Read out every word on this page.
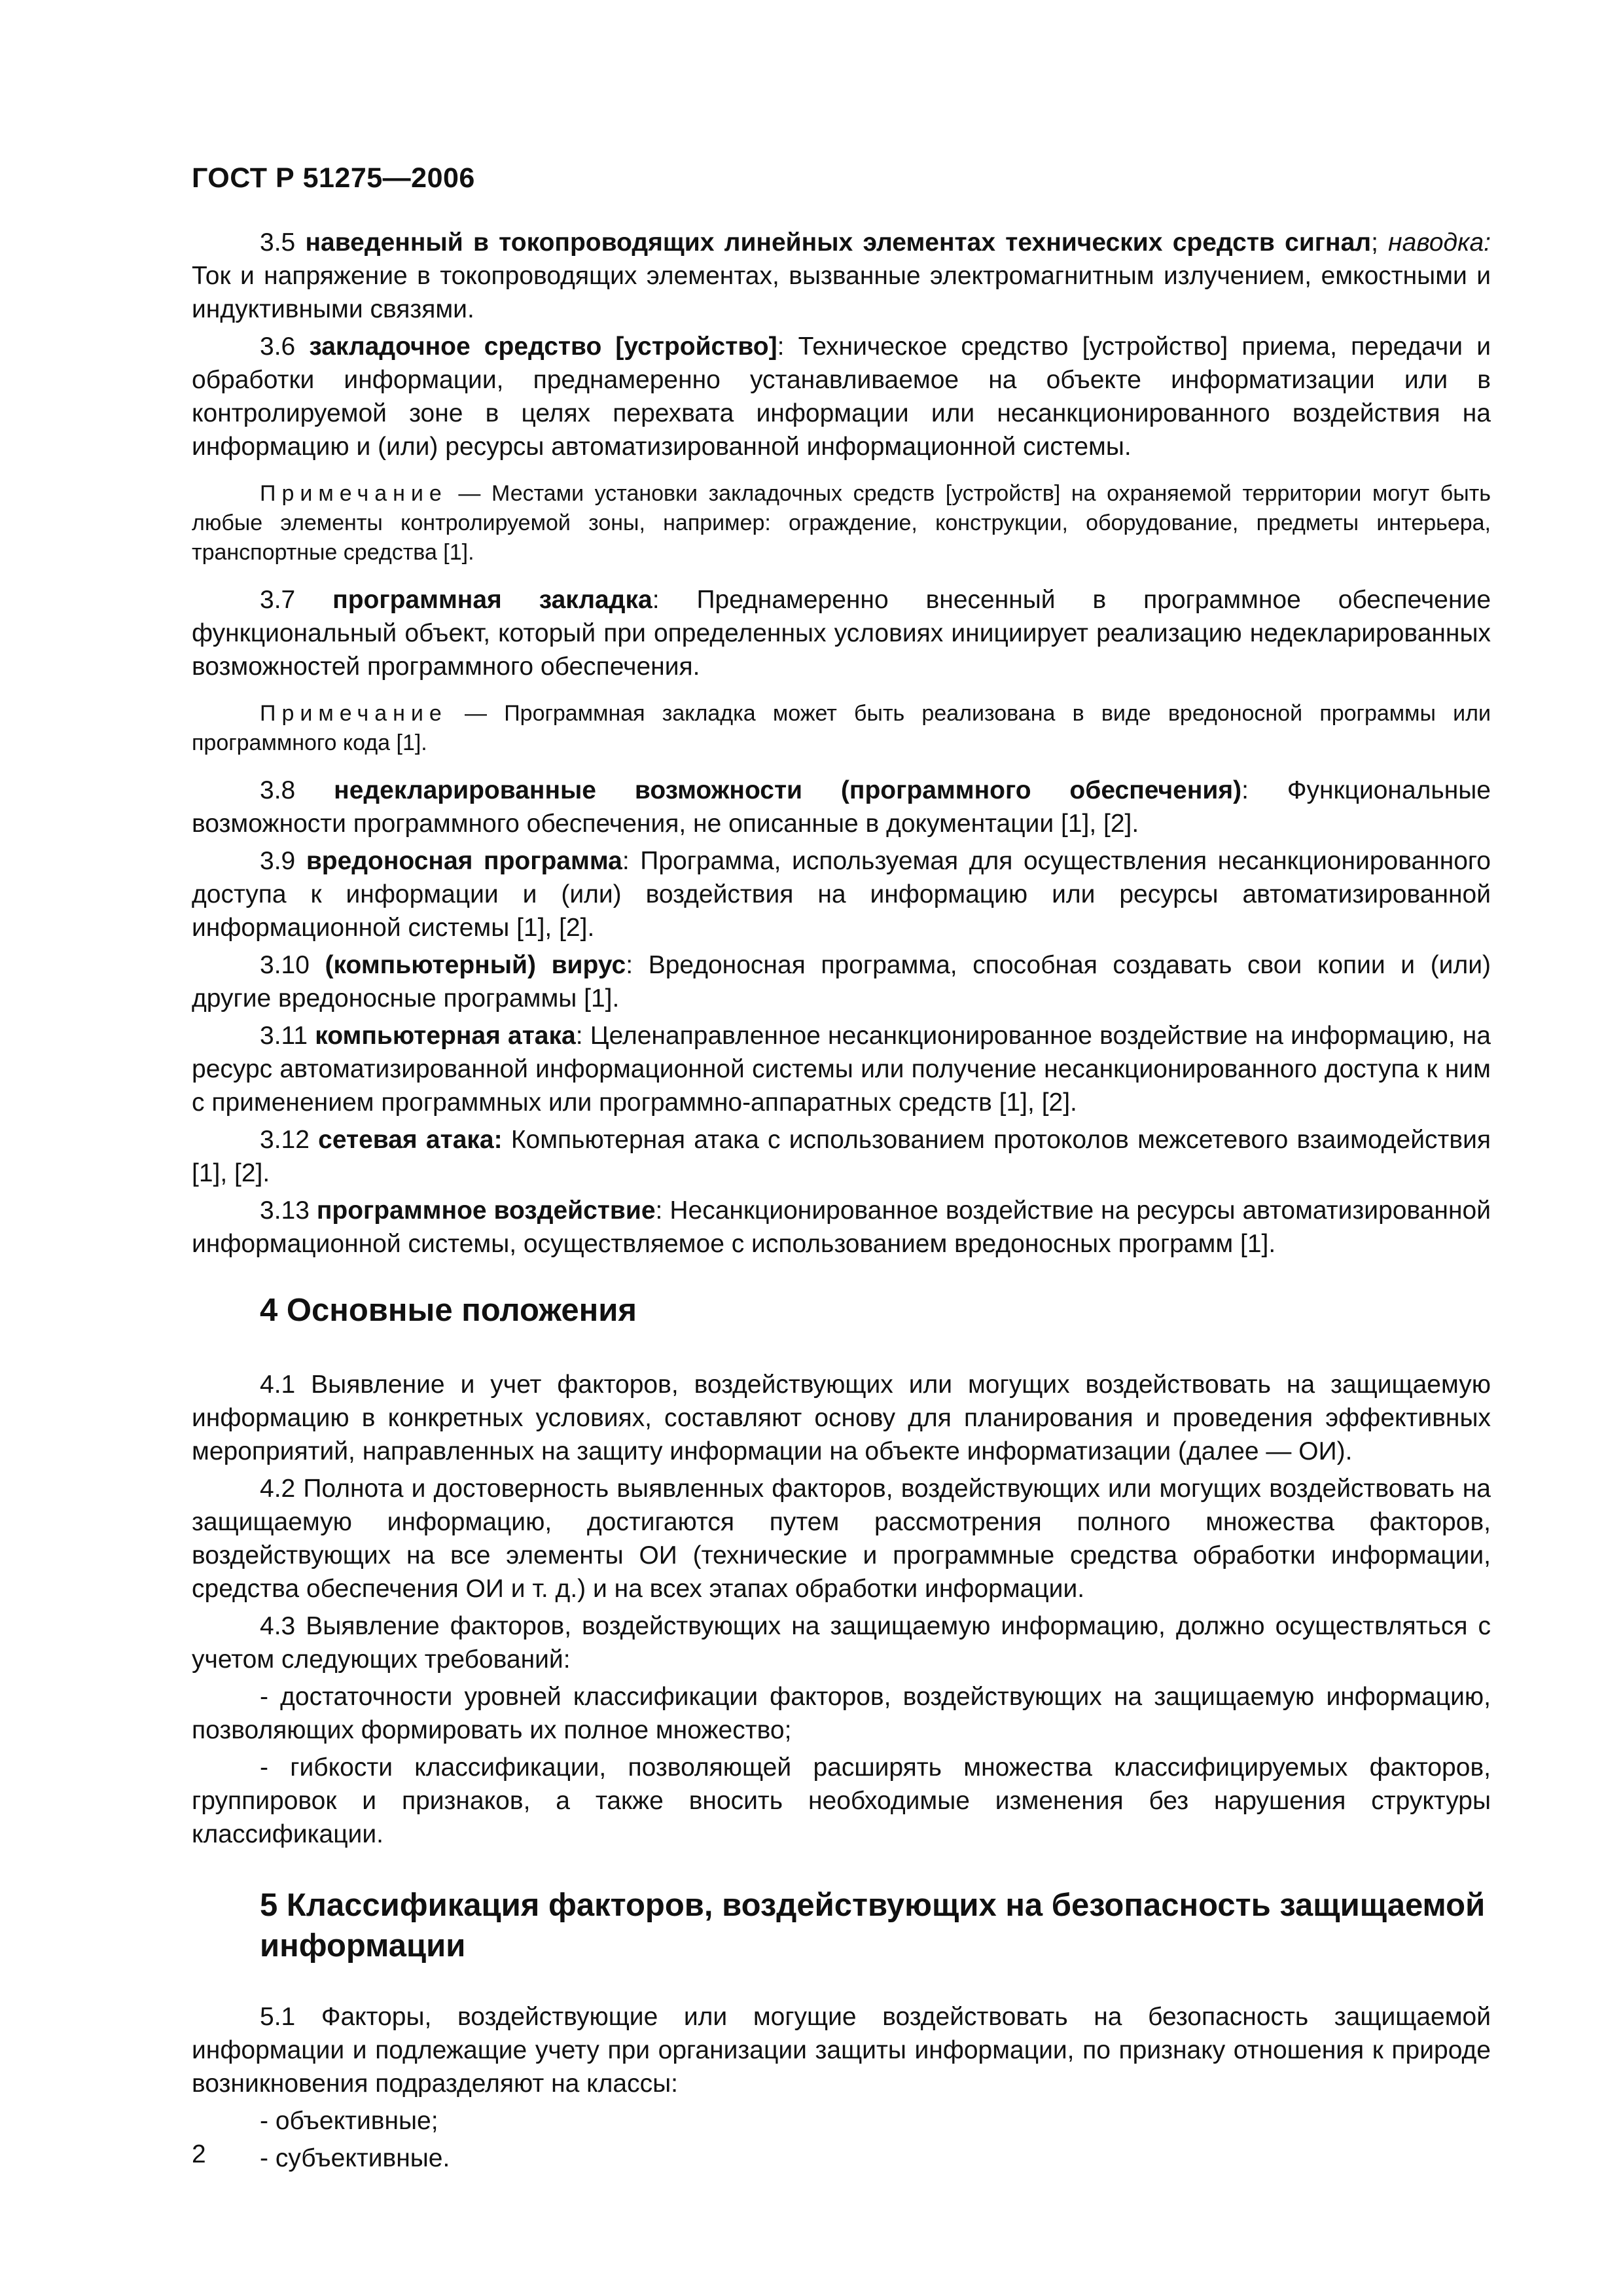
ГОСТ Р 51275—2006

3.5 наведенный в токопроводящих линейных элементах технических средств сигнал; наводка: Ток и напряжение в токопроводящих элементах, вызванные электромагнитным излучением, емкостными и индуктивными связями.

3.6 закладочное средство [устройство]: Техническое средство [устройство] приема, передачи и обработки информации, преднамеренно устанавливаемое на объекте информатизации или в контролируемой зоне в целях перехвата информации или несанкционированного воздействия на информацию и (или) ресурсы автоматизированной информационной системы.

Примечание — Местами установки закладочных средств [устройств] на охраняемой территории могут быть любые элементы контролируемой зоны, например: ограждение, конструкции, оборудование, предметы интерьера, транспортные средства [1].

3.7 программная закладка: Преднамеренно внесенный в программное обеспечение функциональный объект, который при определенных условиях инициирует реализацию недекларированных возможностей программного обеспечения.

Примечание — Программная закладка может быть реализована в виде вредоносной программы или программного кода [1].

3.8 недекларированные возможности (программного обеспечения): Функциональные возможности программного обеспечения, не описанные в документации [1], [2].

3.9 вредоносная программа: Программа, используемая для осуществления несанкционированного доступа к информации и (или) воздействия на информацию или ресурсы автоматизированной информационной системы [1], [2].

3.10 (компьютерный) вирус: Вредоносная программа, способная создавать свои копии и (или) другие вредоносные программы [1].

3.11 компьютерная атака: Целенаправленное несанкционированное воздействие на информацию, на ресурс автоматизированной информационной системы или получение несанкционированного доступа к ним с применением программных или программно-аппаратных средств [1], [2].

3.12 сетевая атака: Компьютерная атака с использованием протоколов межсетевого взаимодействия [1], [2].

3.13 программное воздействие: Несанкционированное воздействие на ресурсы автоматизированной информационной системы, осуществляемое с использованием вредоносных программ [1].

4 Основные положения

4.1 Выявление и учет факторов, воздействующих или могущих воздействовать на защищаемую информацию в конкретных условиях, составляют основу для планирования и проведения эффективных мероприятий, направленных на защиту информации на объекте информатизации (далее — ОИ).

4.2 Полнота и достоверность выявленных факторов, воздействующих или могущих воздействовать на защищаемую информацию, достигаются путем рассмотрения полного множества факторов, воздействующих на все элементы ОИ (технические и программные средства обработки информации, средства обеспечения ОИ и т. д.) и на всех этапах обработки информации.

4.3 Выявление факторов, воздействующих на защищаемую информацию, должно осуществляться с учетом следующих требований:

- достаточности уровней классификации факторов, воздействующих на защищаемую информацию, позволяющих формировать их полное множество;

- гибкости классификации, позволяющей расширять множества классифицируемых факторов, группировок и признаков, а также вносить необходимые изменения без нарушения структуры классификации.

5 Классификация факторов, воздействующих на безопасность защищаемой информации

5.1 Факторы, воздействующие или могущие воздействовать на безопасность защищаемой информации и подлежащие учету при организации защиты информации, по признаку отношения к природе возникновения подразделяют на классы:

- объективные;

- субъективные.

2
